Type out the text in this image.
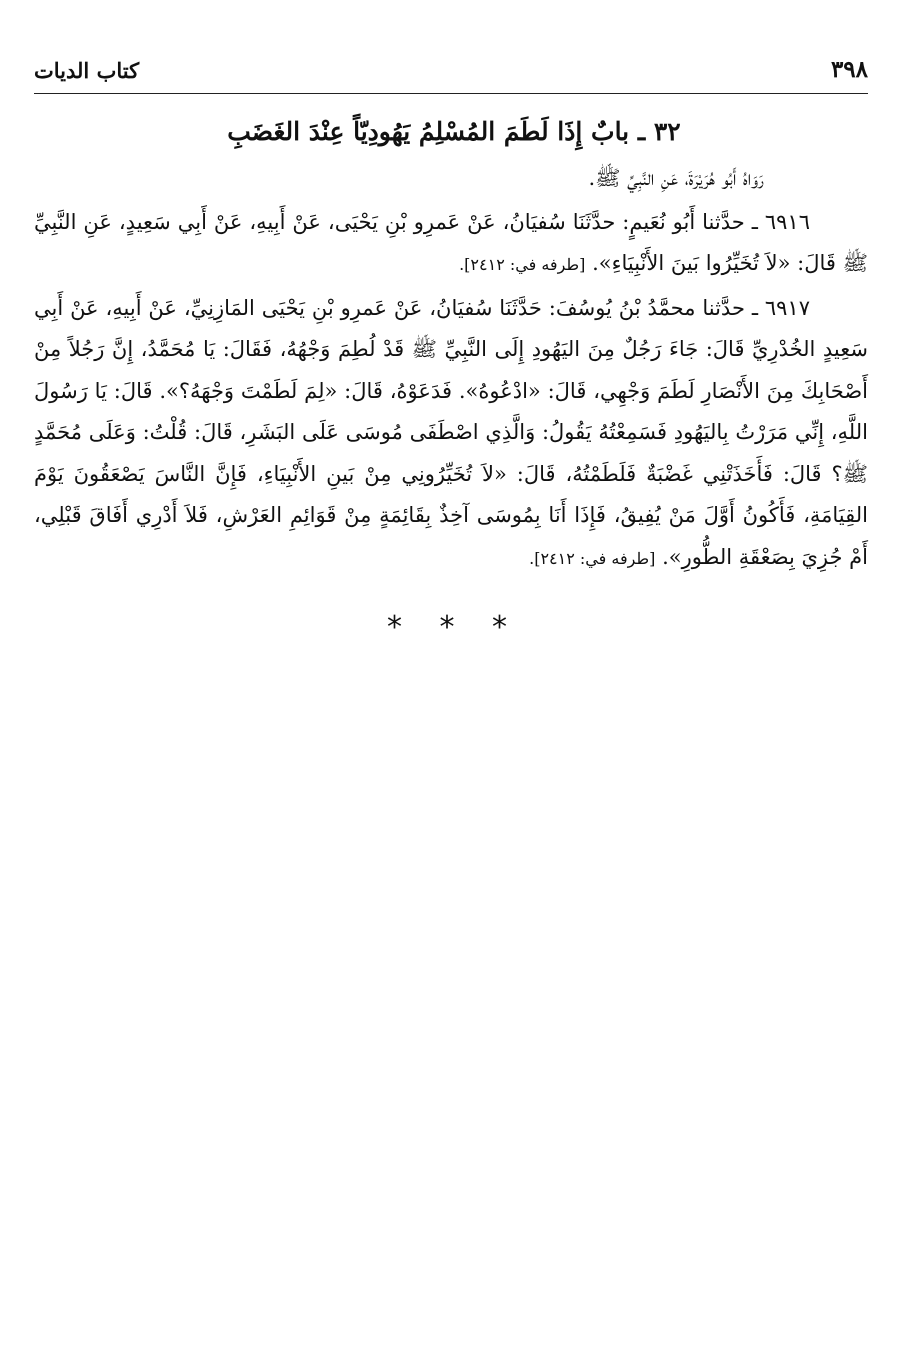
٣٩٨
كتاب الديات
٣٢ ـ بابٌ إِذَا لَطَمَ المُسْلِمُ يَهُودِيّاً عِنْدَ الغَضَبِ

رَوَاهُ أَبُو هُرَيْرَةَ، عَنِ النَّبِيِّ ﷺ.

٦٩١٦ ـ حدَّثنا أَبُو نُعَيمٍ: حدَّثَنَا سُفيَانُ، عَنْ عَمرِو بْنِ يَحْيَى، عَنْ أَبِيهِ، عَنْ أَبِي سَعِيدٍ، عَنِ النَّبِيِّ ﷺ قَالَ: «لاَ تُخَيِّرُوا بَينَ الأَنْبِيَاءِ». [طرفه في: ٢٤١٢].

٦٩١٧ ـ حدَّثنا محمَّدُ بْنُ يُوسُفَ: حَدَّثَنَا سُفيَانُ، عَنْ عَمرِو بْنِ يَحْيَى المَازِنِيِّ، عَنْ أَبِيهِ، عَنْ أَبِي سَعِيدٍ الخُدْرِيِّ قَالَ: جَاءَ رَجُلٌ مِنَ اليَهُودِ إِلَى النَّبِيِّ ﷺ قَدْ لُطِمَ وَجْهُهُ، فَقَالَ: يَا مُحَمَّدُ، إِنَّ رَجُلاً مِنْ أَصْحَابِكَ مِنَ الأَنْصَارِ لَطَمَ وَجْهِي، قَالَ: «ادْعُوهُ». فَدَعَوْهُ، قَالَ: «لِمَ لَطَمْتَ وَجْهَهُ؟». قَالَ: يَا رَسُولَ اللَّهِ، إِنِّي مَرَرْتُ بِاليَهُودِ فَسَمِعْتُهُ يَقُولُ: وَالَّذِي اصْطَفَى مُوسَى عَلَى البَشَرِ، قَالَ: قُلْتُ: وَعَلَى مُحَمَّدٍ ﷺ؟ قَالَ: فَأَخَذَتْنِي غَضْبَةٌ فَلَطَمْتُهُ، قَالَ: «لاَ تُخَيِّرُونِي مِنْ بَينِ الأَنْبِيَاءِ، فَإِنَّ النَّاسَ يَصْعَقُونَ يَوْمَ القِيَامَةِ، فَأَكُونُ أَوَّلَ مَنْ يُفِيقُ، فَإِذَا أَنَا بِمُوسَى آخِذٌ بِقَائِمَةٍ مِنْ قَوَائِمِ العَرْشِ، فَلاَ أَدْرِي أَفَاقَ قَبْلِي، أَمْ جُزِيَ بِصَعْقَةِ الطُّورِ». [طرفه في: ٢٤١٢].

* * *
